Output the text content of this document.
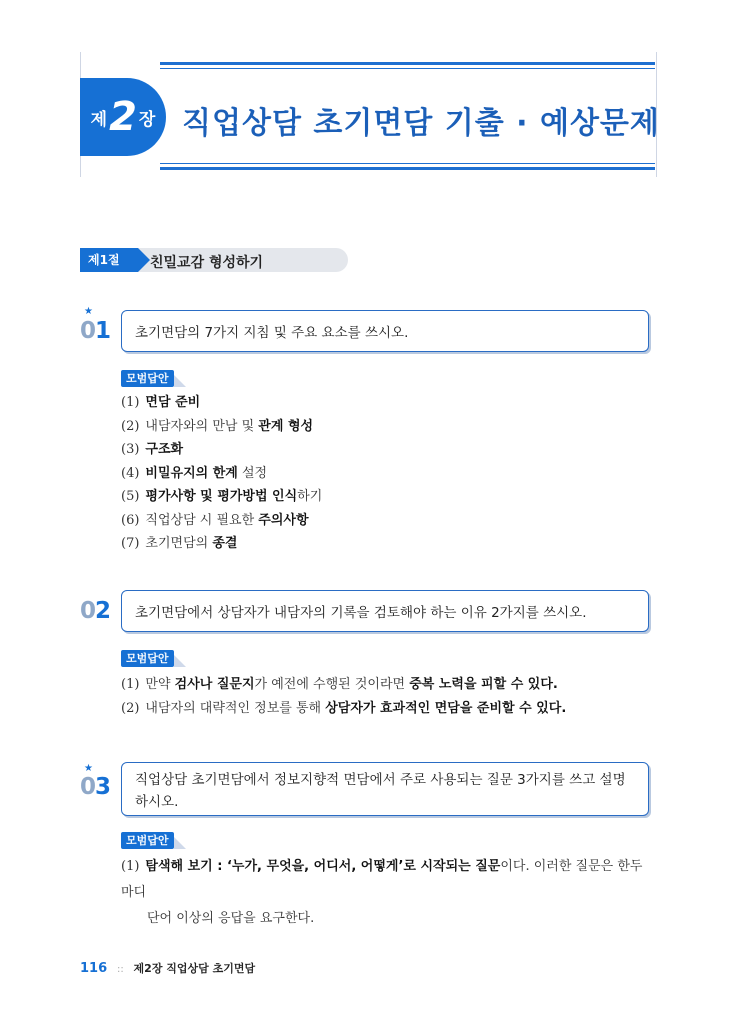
제 2 장 직업상담 초기면담 기출 · 예상문제
제1절	친밀교감 형성하기
★
01	초기면담의 7가지 지침 및 주요 요소를 쓰시오.
모범답안
(1) 면담 준비
(2) 내담자와의 만남 및 관계 형성
(3) 구조화
(4) 비밀유지의 한계 설정
(5) 평가사항 및 평가방법 인식하기
(6) 직업상담 시 필요한 주의사항
(7) 초기면담의 종결
02	초기면담에서 상담자가 내담자의 기록을 검토해야 하는 이유 2가지를 쓰시오.
모범답안
(1) 만약 검사나 질문지가 예전에 수행된 것이라면 중복 노력을 피할 수 있다.
(2) 내담자의 대략적인 정보를 통해 상담자가 효과적인 면담을 준비할 수 있다.
★
03	직업상담 초기면담에서 정보지향적 면담에서 주로 사용되는 질문 3가지를 쓰고 설명하시오.
모범답안
(1) 탐색해 보기 : ‘누가, 무엇을, 어디서, 어떻게’로 시작되는 질문이다. 이러한 질문은 한두 마디
단어 이상의 응답을 요구한다.
116 :: 제2장 직업상담 초기면담
